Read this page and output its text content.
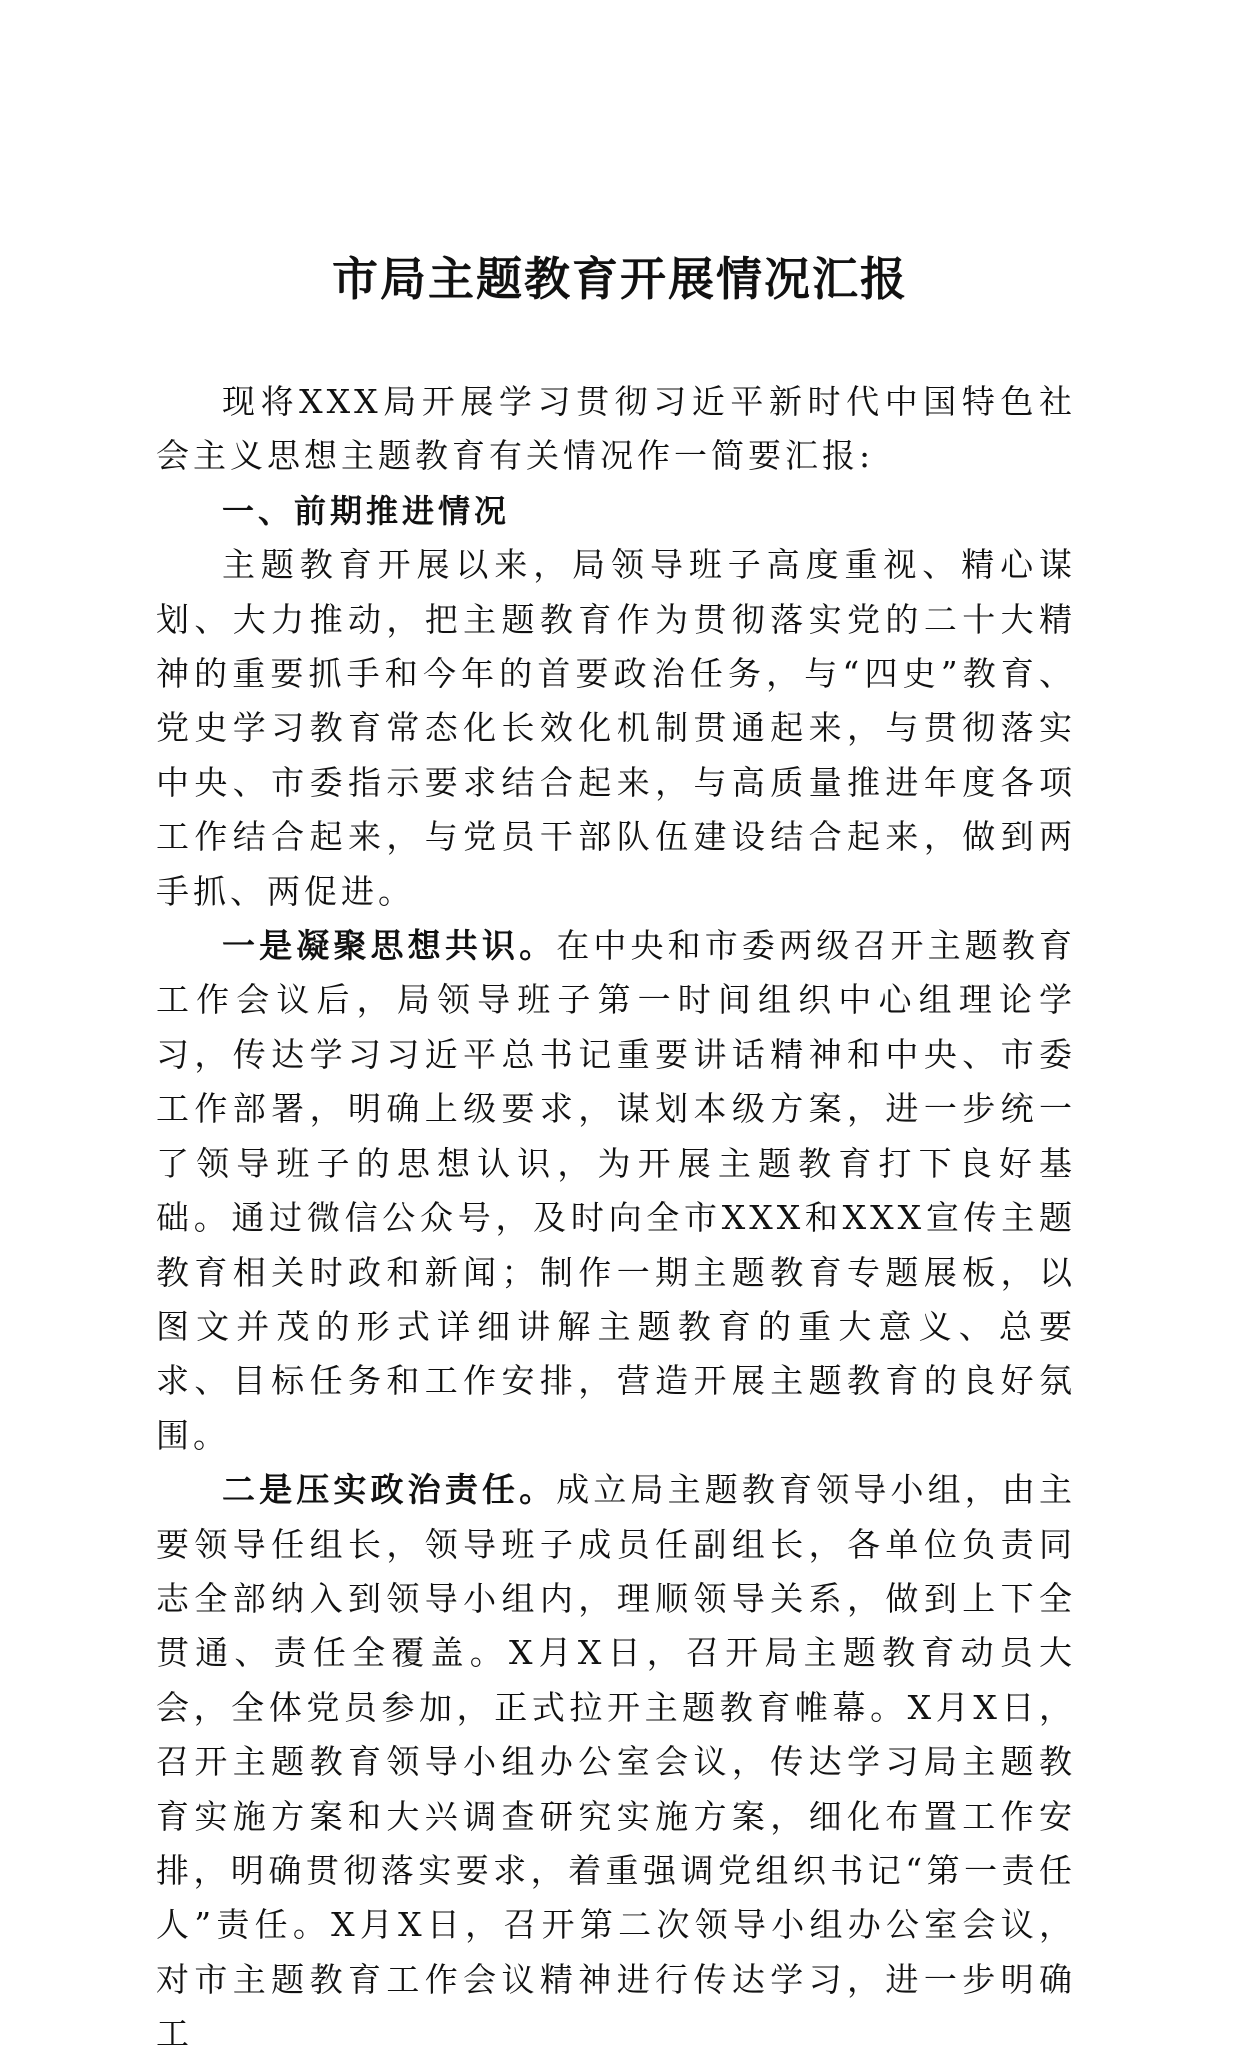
市局主题教育开展情况汇报

现将XXX局开展学习贯彻习近平新时代中国特色社会主义思想主题教育有关情况作一简要汇报:

一、前期推进情况

主题教育开展以来，局领导班子高度重视、精心谋划、大力推动，把主题教育作为贯彻落实党的二十大精神的重要抓手和今年的首要政治任务，与“四史”教育、党史学习教育常态化长效化机制贯通起来，与贯彻落实中央、市委指示要求结合起来，与高质量推进年度各项工作结合起来，与党员干部队伍建设结合起来，做到两手抓、两促进。

一是凝聚思想共识。在中央和市委两级召开主题教育工作会议后，局领导班子第一时间组织中心组理论学习，传达学习习近平总书记重要讲话精神和中央、市委工作部署，明确上级要求，谋划本级方案，进一步统一了领导班子的思想认识，为开展主题教育打下良好基础。通过微信公众号，及时向全市XXX和XXX宣传主题教育相关时政和新闻；制作一期主题教育专题展板，以图文并茂的形式详细讲解主题教育的重大意义、总要求、目标任务和工作安排，营造开展主题教育的良好氛围。

二是压实政治责任。成立局主题教育领导小组，由主要领导任组长，领导班子成员任副组长，各单位负责同志全部纳入到领导小组内，理顺领导关系，做到上下全贯通、责任全覆盖。X月X日，召开局主题教育动员大会，全体党员参加，正式拉开主题教育帷幕。X月X日，召开主题教育领导小组办公室会议，传达学习局主题教育实施方案和大兴调查研究实施方案，细化布置工作安排，明确贯彻落实要求，着重强调党组织书记“第一责任人”责任。X月X日，召开第二次领导小组办公室会议，对市主题教育工作会议精神进行传达学习，进一步明确工
